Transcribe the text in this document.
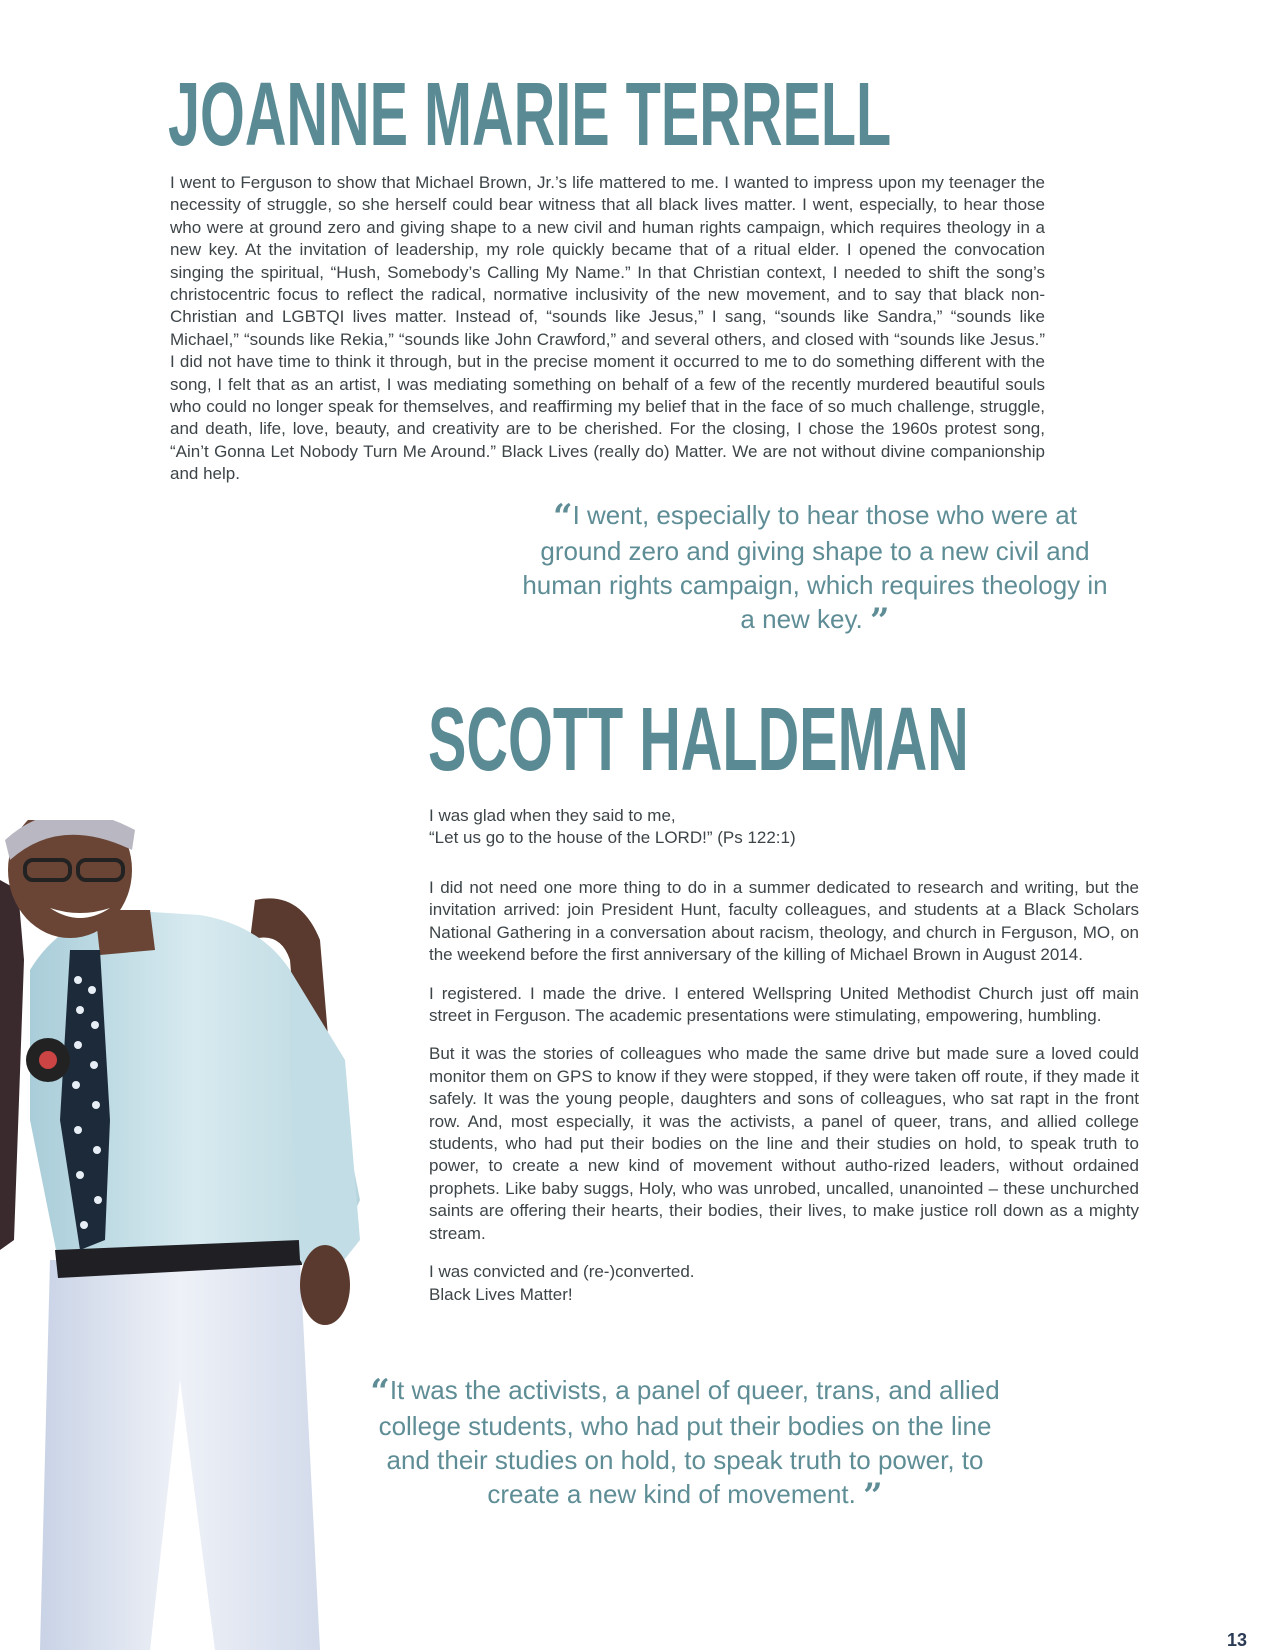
JOANNE MARIE TERRELL

I went to Ferguson to show that Michael Brown, Jr.’s life mattered to me. I wanted to impress upon my teenager the necessity of struggle, so she herself could bear witness that all black lives matter. I went, especially, to hear those who were at ground zero and giving shape to a new civil and human rights campaign, which requires theology in a new key. At the invitation of leadership, my role quickly became that of a ritual elder. I opened the convocation singing the spiritual, “Hush, Somebody’s Calling My Name.” In that Christian context, I needed to shift the song’s christocentric focus to reflect the radical, normative inclusivity of the new movement, and to say that black non-Christian and LGBTQI lives matter. Instead of, “sounds like Jesus,” I sang, “sounds like Sandra,” “sounds like Michael,” “sounds like Rekia,” “sounds like John Crawford,” and several others, and closed with “sounds like Jesus.” I did not have time to think it through, but in the precise moment it occurred to me to do something different with the song, I felt that as an artist, I was mediating something on behalf of a few of the recently murdered beautiful souls who could no longer speak for themselves, and reaffirming my belief that in the face of so much challenge, struggle, and death, life, love, beauty, and creativity are to be cherished. For the closing, I chose the 1960s protest song, “Ain’t Gonna Let Nobody Turn Me Around.” Black Lives (really do) Matter. We are not without divine companionship and help.

“I went, especially to hear those who were at ground zero and giving shape to a new civil and human rights campaign, which requires theology in a new key. ”

SCOTT HALDEMAN
I was glad when they said to me,
“Let us go to the house of the LORD!” (Ps 122:1)

I did not need one more thing to do in a summer dedicated to research and writing, but the invitation arrived: join President Hunt, faculty colleagues, and students at a Black Scholars National Gathering in a conversation about racism, theology, and church in Ferguson, MO, on the weekend before the first anniversary of the killing of Michael Brown in August 2014.

I registered. I made the drive. I entered Wellspring United Methodist Church just off main street in Ferguson. The academic presentations were stimulating, empowering, humbling.

But it was the stories of colleagues who made the same drive but made sure a loved could monitor them on GPS to know if they were stopped, if they were taken off route, if they made it safely. It was the young people, daughters and sons of colleagues, who sat rapt in the front row. And, most especially, it was the activists, a panel of queer, trans, and allied college students, who had put their bodies on the line and their studies on hold, to speak truth to power, to create a new kind of movement without autho-rized leaders, without ordained prophets. Like baby suggs, Holy, who was unrobed, uncalled, unanointed – these unchurched saints are offering their hearts, their bodies, their lives, to make justice roll down as a mighty stream.

I was convicted and (re-)converted.
Black Lives Matter!

“It was the activists, a panel of queer, trans, and allied college students, who had put their bodies on the line and their studies on hold, to speak truth to power, to create a new kind of movement. ”

13
